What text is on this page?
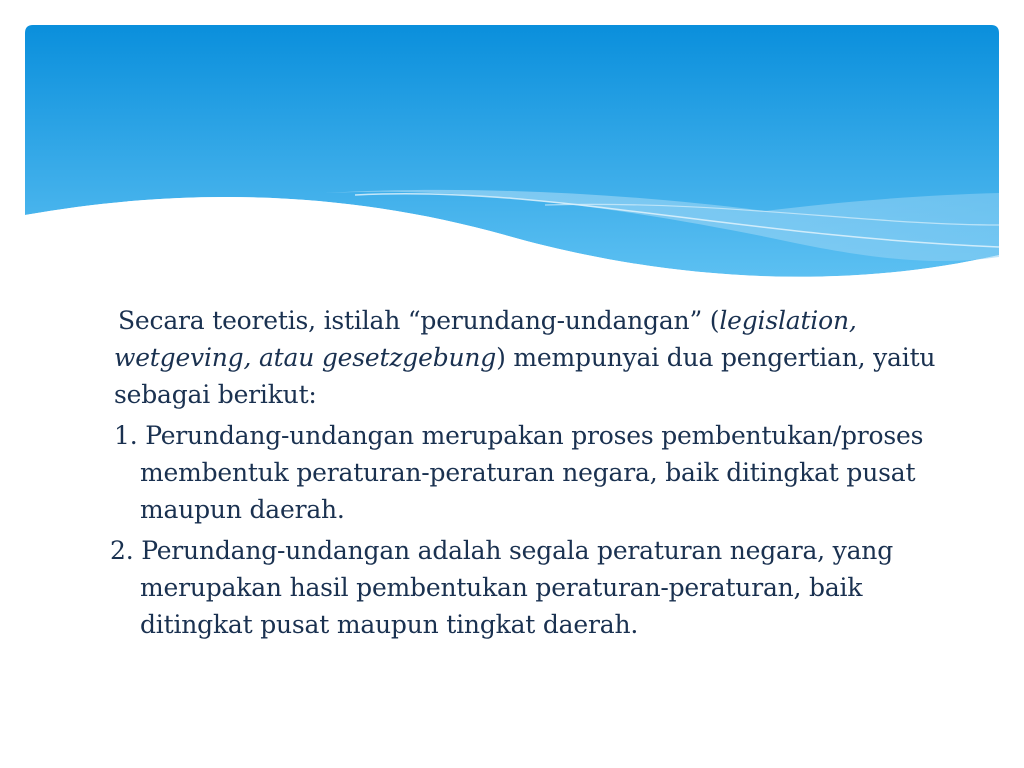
Secara teoretis, istilah “perundang-undangan” (legislation, wetgeving, atau gesetzgebung) mempunyai dua pengertian, yaitu sebagai berikut:

1. Perundang-undangan merupakan proses pembentukan/proses membentuk peraturan-peraturan negara, baik ditingkat pusat maupun daerah.
2. Perundang-undangan adalah segala peraturan negara, yang merupakan hasil pembentukan peraturan-peraturan, baik ditingkat pusat maupun tingkat daerah.
